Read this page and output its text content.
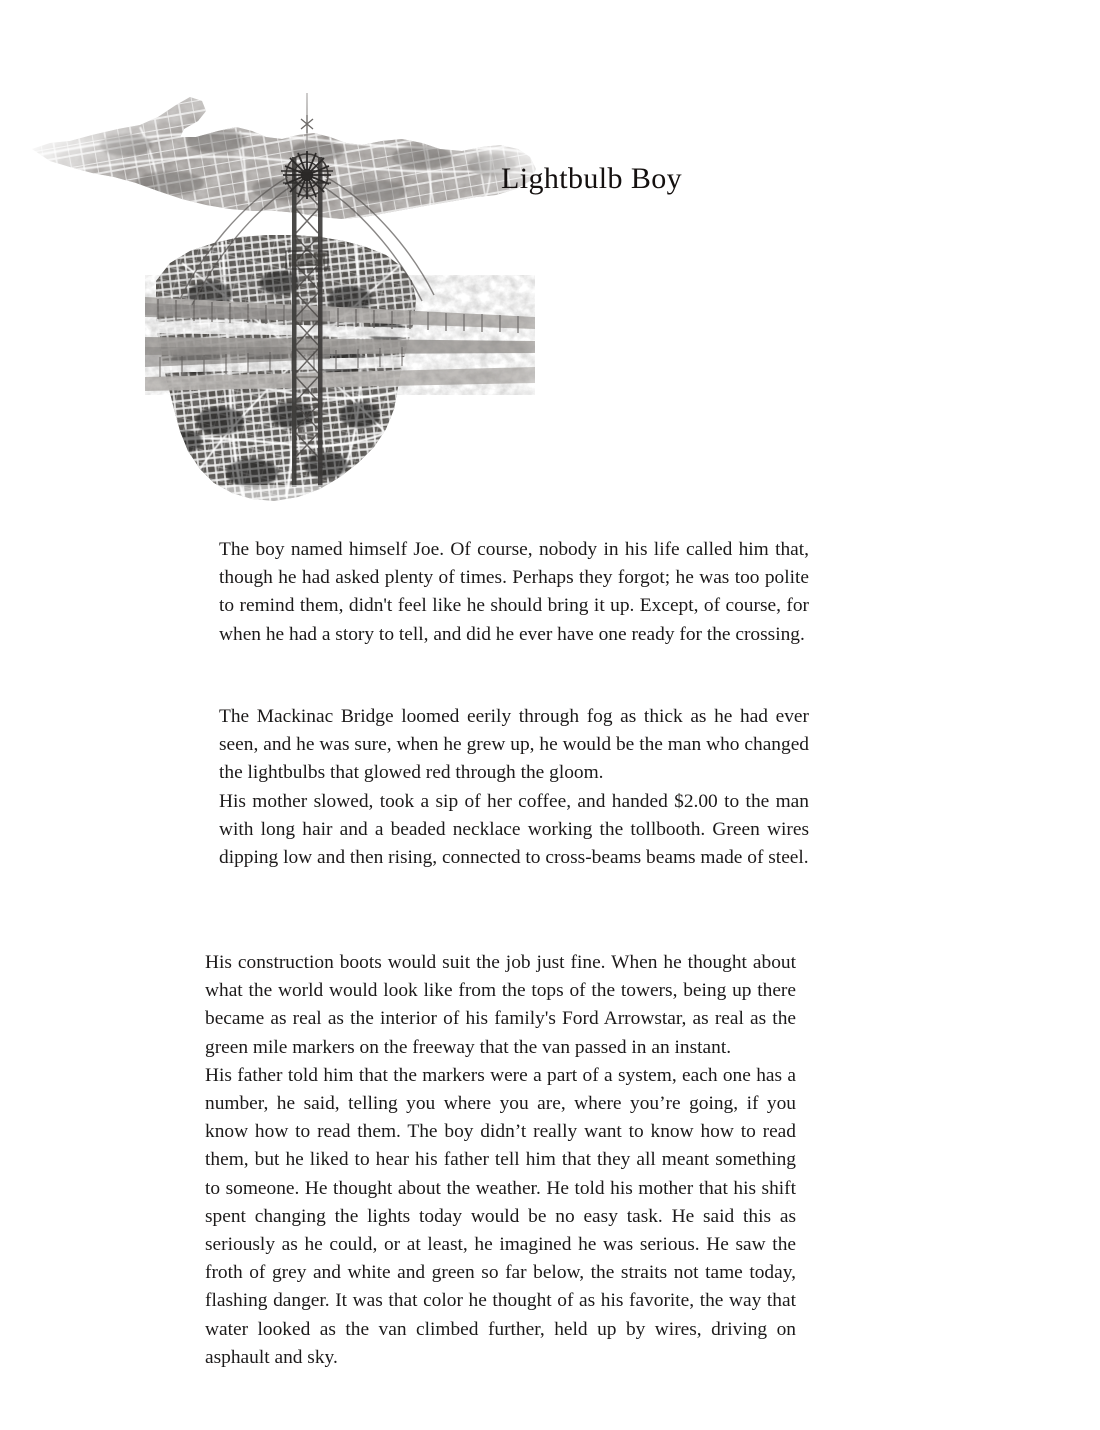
Lightbulb Boy

The boy named himself Joe. Of course, nobody in his life called him that, though he had asked plenty of times. Perhaps they forgot; he was too polite to remind them, didn't feel like he should bring it up. Except, of course, for when he had a story to tell, and did he ever have one ready for the crossing.

The Mackinac Bridge loomed eerily through fog as thick as he had ever seen, and he was sure, when he grew up, he would be the man who changed the lightbulbs that glowed red through the gloom.

His mother slowed, took a sip of her coffee, and handed $2.00 to the man with long hair and a beaded necklace working the tollbooth. Green wires dipping low and then rising, connected to cross-beams beams made of steel.

His construction boots would suit the job just fine. When he thought about what the world would look like from the tops of the towers, being up there became as real as the interior of his family's Ford Arrowstar, as real as the green mile markers on the freeway that the van passed in an instant.

His father told him that the markers were a part of a system, each one has a number, he said, telling you where you are, where you’re going, if you know how to read them. The boy didn’t really want to know how to read them, but he liked to hear his father tell him that they all meant something to someone. He thought about the weather. He told his mother that his shift spent changing the lights today would be no easy task. He said this as seriously as he could, or at least, he imagined he was serious. He saw the froth of grey and white and green so far below, the straits not tame today, flashing danger. It was that color he thought of as his favorite, the way that water looked as the van climbed further, held up by wires, driving on asphault and sky.
